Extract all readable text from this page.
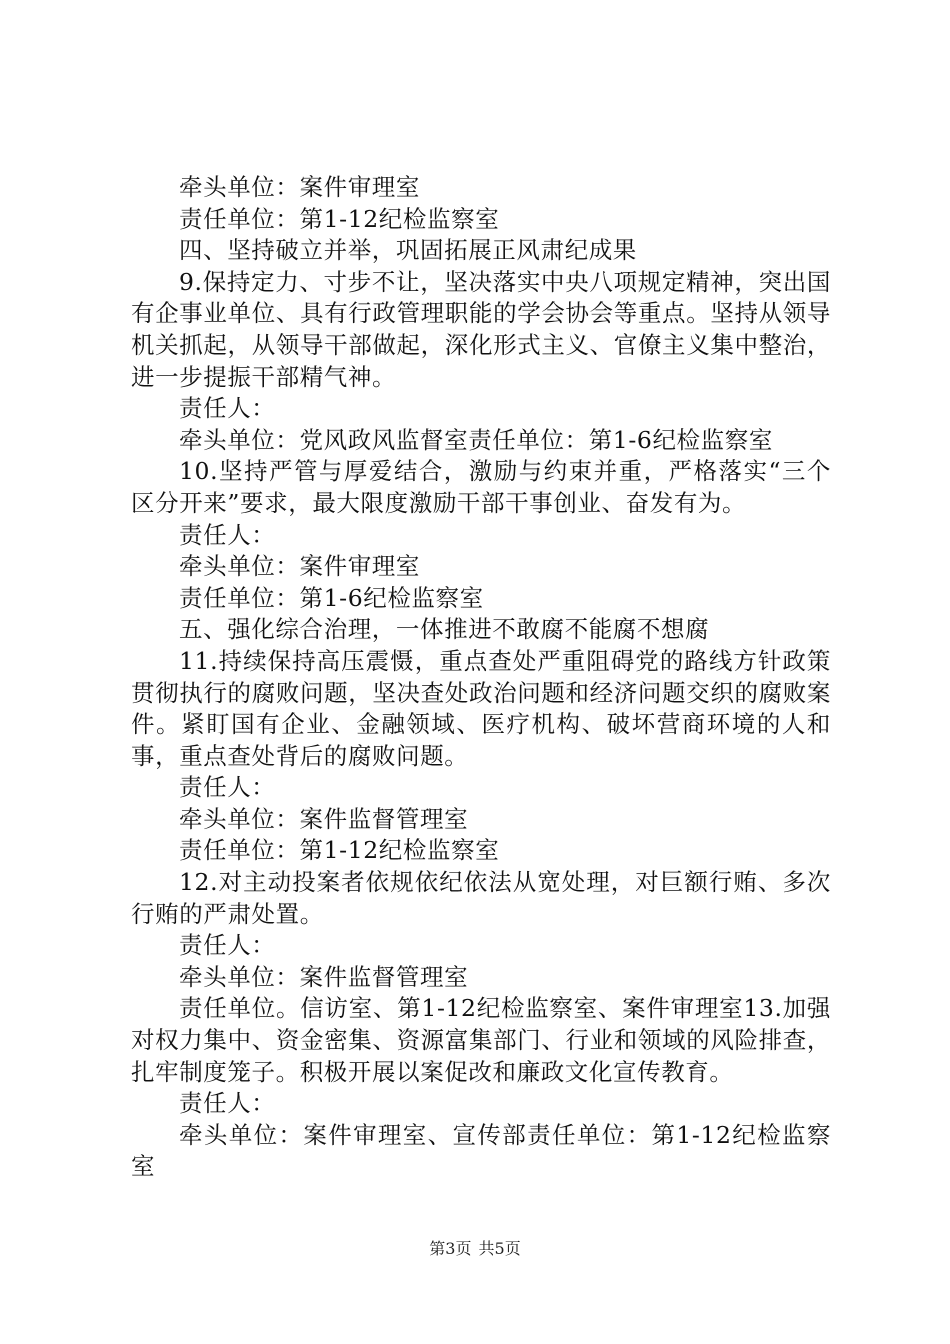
牵头单位：案件审理室

责任单位：第1-12纪检监察室

四、坚持破立并举，巩固拓展正风肃纪成果

9.保持定力、寸步不让，坚决落实中央八项规定精神，突出国有企事业单位、具有行政管理职能的学会协会等重点。坚持从领导机关抓起，从领导干部做起，深化形式主义、官僚主义集中整治，进一步提振干部精气神。

责任人：

牵头单位：党风政风监督室责任单位：第1-6纪检监察室

10.坚持严管与厚爱结合，激励与约束并重，严格落实“三个区分开来”要求，最大限度激励干部干事创业、奋发有为。

责任人：

牵头单位：案件审理室

责任单位：第1-6纪检监察室

五、强化综合治理，一体推进不敢腐不能腐不想腐

11.持续保持高压震慑，重点查处严重阻碍党的路线方针政策贯彻执行的腐败问题，坚决查处政治问题和经济问题交织的腐败案件。紧盯国有企业、金融领域、医疗机构、破坏营商环境的人和事，重点查处背后的腐败问题。

责任人：

牵头单位：案件监督管理室

责任单位：第1-12纪检监察室

12.对主动投案者依规依纪依法从宽处理，对巨额行贿、多次行贿的严肃处置。

责任人：

牵头单位：案件监督管理室

责任单位。信访室、第1-12纪检监察室、案件审理室13.加强对权力集中、资金密集、资源富集部门、行业和领域的风险排查，扎牢制度笼子。积极开展以案促改和廉政文化宣传教育。

责任人：

牵头单位：案件审理室、宣传部责任单位：第1-12纪检监察室

第3页 共5页
